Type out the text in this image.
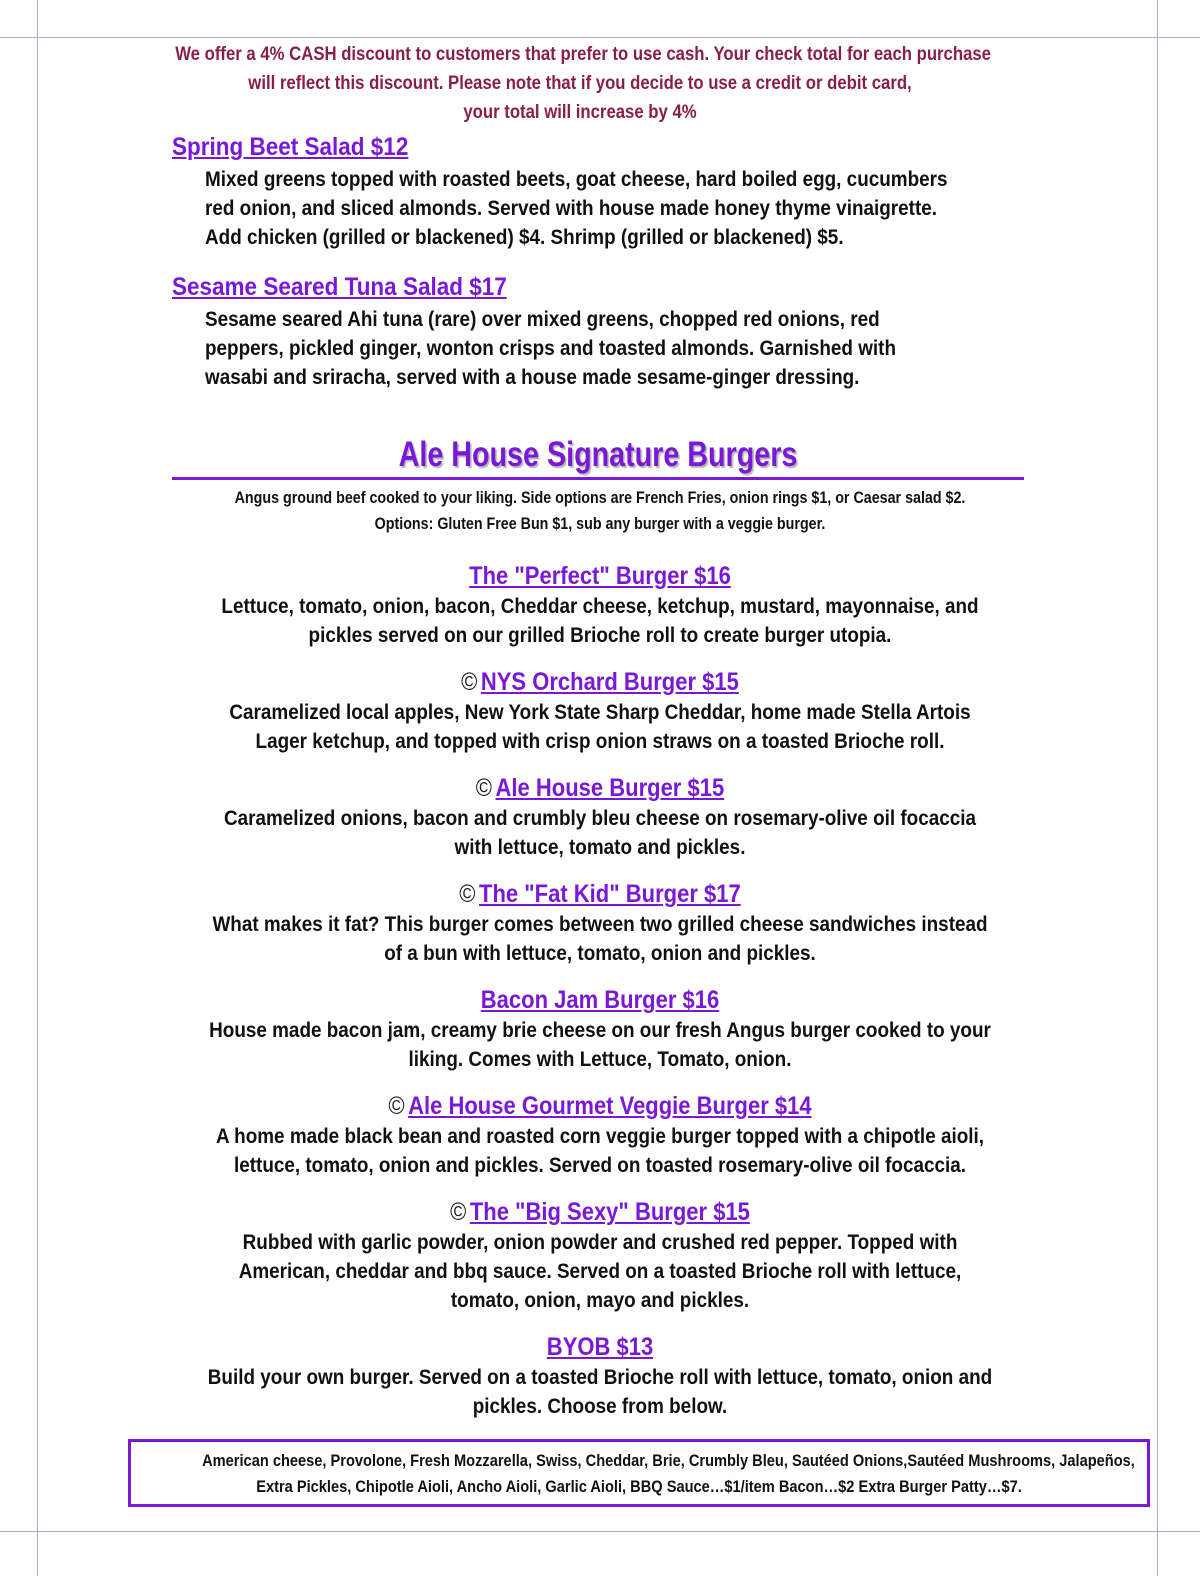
We offer a 4% CASH discount to customers that prefer to use cash. Your check total for each purchase
will reflect this discount. Please note that if you decide to use a credit or debit card,
your total will increase by 4%
Spring Beet Salad $12
Mixed greens topped with roasted beets, goat cheese, hard boiled egg, cucumbers
red onion, and sliced almonds. Served with house made honey thyme vinaigrette.
Add chicken (grilled or blackened) $4. Shrimp (grilled or blackened) $5.
Sesame Seared Tuna Salad $17
Sesame seared Ahi tuna (rare) over mixed greens, chopped red onions, red
peppers, pickled ginger, wonton crisps and toasted almonds. Garnished with
wasabi and sriracha, served with a house made sesame-ginger dressing.
Ale House Signature Burgers
Angus ground beef cooked to your liking. Side options are French Fries, onion rings $1, or Caesar salad $2.
Options: Gluten Free Bun $1, sub any burger with a veggie burger.
The "Perfect" Burger $16
Lettuce, tomato, onion, bacon, Cheddar cheese, ketchup, mustard, mayonnaise, and
pickles served on our grilled Brioche roll to create burger utopia.
© NYS Orchard Burger $15
Caramelized local apples, New York State Sharp Cheddar, home made Stella Artois
Lager ketchup, and topped with crisp onion straws on a toasted Brioche roll.
© Ale House Burger $15
Caramelized onions, bacon and crumbly bleu cheese on rosemary-olive oil focaccia
with lettuce, tomato and pickles.
© The "Fat Kid" Burger $17
What makes it fat? This burger comes between two grilled cheese sandwiches instead
of a bun with lettuce, tomato, onion and pickles.
Bacon Jam Burger $16
House made bacon jam, creamy brie cheese on our fresh Angus burger cooked to your
liking. Comes with Lettuce, Tomato, onion.
© Ale House Gourmet Veggie Burger $14
A home made black bean and roasted corn veggie burger topped with a chipotle aioli,
lettuce, tomato, onion and pickles. Served on toasted rosemary-olive oil focaccia.
© The "Big Sexy" Burger $15
Rubbed with garlic powder, onion powder and crushed red pepper. Topped with
American, cheddar and bbq sauce. Served on a toasted Brioche roll with lettuce,
tomato, onion, mayo and pickles.
BYOB $13
Build your own burger. Served on a toasted Brioche roll with lettuce, tomato, onion and
pickles. Choose from below.
American cheese, Provolone, Fresh Mozzarella, Swiss, Cheddar, Brie, Crumbly Bleu, Sautéed Onions,Sautéed Mushrooms, Jalapeños,
Extra Pickles, Chipotle Aioli, Ancho Aioli, Garlic Aioli, BBQ Sauce…$1/item Bacon…$2 Extra Burger Patty…$7.
